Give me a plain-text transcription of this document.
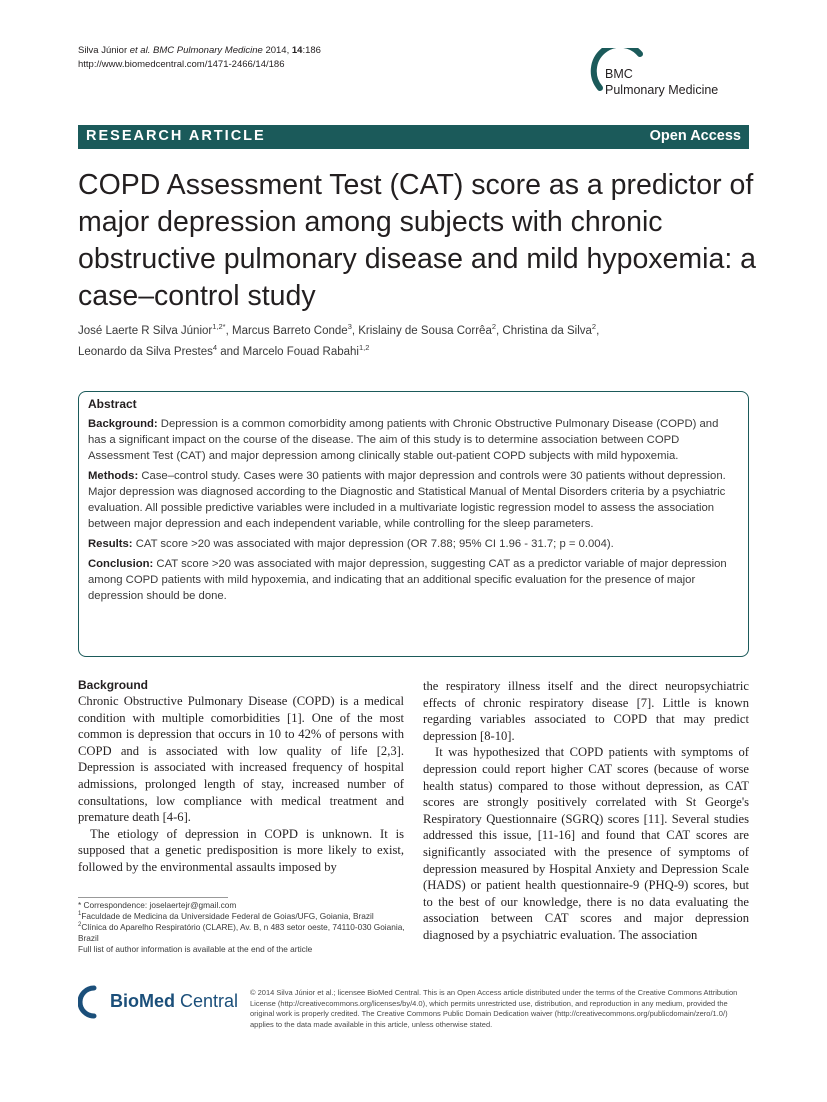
Silva Júnior et al. BMC Pulmonary Medicine 2014, 14:186
http://www.biomedcentral.com/1471-2466/14/186
BMC
Pulmonary Medicine
RESEARCH ARTICLE	Open Access
COPD Assessment Test (CAT) score as a predictor of major depression among subjects with chronic obstructive pulmonary disease and mild hypoxemia: a case–control study
José Laerte R Silva Júnior$^{1,2*}$, Marcus Barreto Conde$^3$, Krislainy de Sousa Corrêa$^2$, Christina da Silva$^2$,
Leonardo da Silva Prestes$^4$ and Marcelo Fouad Rabahi$^{1,2}$
Abstract

Background: Depression is a common comorbidity among patients with Chronic Obstructive Pulmonary Disease (COPD) and has a significant impact on the course of the disease. The aim of this study is to determine association between COPD Assessment Test (CAT) and major depression among clinically stable out-patient COPD subjects with mild hypoxemia.

Methods: Case–control study. Cases were 30 patients with major depression and controls were 30 patients without depression. Major depression was diagnosed according to the Diagnostic and Statistical Manual of Mental Disorders criteria by a psychiatric evaluation. All possible predictive variables were included in a multivariate logistic regression model to assess the association between major depression and each independent variable, while controlling for the sleep parameters.

Results: CAT score >20 was associated with major depression (OR 7.88; 95% CI 1.96 - 31.7; p = 0.004).

Conclusion: CAT score >20 was associated with major depression, suggesting CAT as a predictor variable of major depression among COPD patients with mild hypoxemia, and indicating that an additional specific evaluation for the presence of major depression should be done.

Background

Chronic Obstructive Pulmonary Disease (COPD) is a medical condition with multiple comorbidities [1]. One of the most common is depression that occurs in 10 to 42% of persons with COPD and is associated with low quality of life [2,3]. Depression is associated with increased frequency of hospital admissions, prolonged length of stay, increased number of consultations, low compliance with medical treatment and premature death [4-6].

The etiology of depression in COPD is unknown. It is supposed that a genetic predisposition is more likely to exist, followed by the environmental assaults imposed by

the respiratory illness itself and the direct neuropsychiatric effects of chronic respiratory disease [7]. Little is known regarding variables associated to COPD that may predict depression [8-10].

It was hypothesized that COPD patients with symptoms of depression could report higher CAT scores (because of worse health status) compared to those without depression, as CAT scores are strongly positively correlated with St George's Respiratory Questionnaire (SGRQ) scores [11]. Several studies addressed this issue, [11-16] and found that CAT scores are significantly associated with the presence of symptoms of depression measured by Hospital Anxiety and Depression Scale (HADS) or patient health questionnaire-9 (PHQ-9) scores, but to the best of our knowledge, there is no data evaluating the association between CAT scores and major depression diagnosed by a psychiatric evaluation. The association

* Correspondence: joselaertejr@gmail.com
$^1$Faculdade de Medicina da Universidade Federal de Goias/UFG, Goiania, Brazil
$^2$Clínica do Aparelho Respiratório (CLARE), Av. B, n 483 setor oeste, 74110-030 Goiania, Brazil
Full list of author information is available at the end of the article
BioMed Central © 2014 Silva Júnior et al.; licensee BioMed Central. This is an Open Access article distributed under the terms of the Creative Commons Attribution License (http://creativecommons.org/licenses/by/4.0), which permits unrestricted use, distribution, and reproduction in any medium, provided the original work is properly credited. The Creative Commons Public Domain Dedication waiver (http://creativecommons.org/publicdomain/zero/1.0/) applies to the data made available in this article, unless otherwise stated.
